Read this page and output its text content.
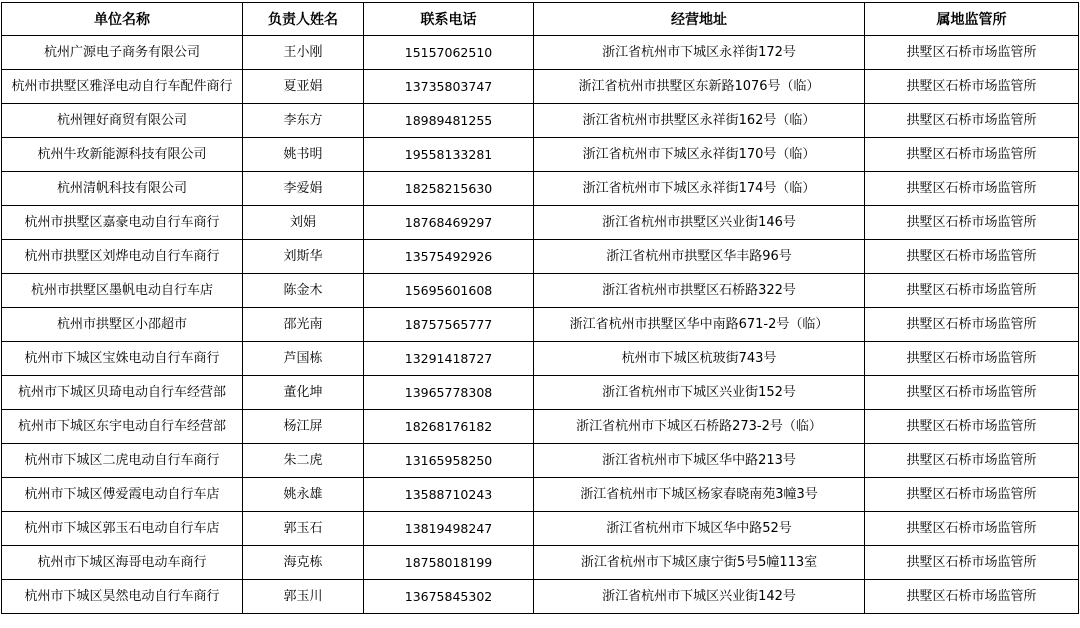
单位名称	负责人姓名	联系电话	经营地址	属地监管所
杭州广源电子商务有限公司	王小刚	15157062510	浙江省杭州市下城区永祥街172号	拱墅区石桥市场监管所
杭州市拱墅区雅泽电动自行车配件商行	夏亚娟	13735803747	浙江省杭州市拱墅区东新路1076号（临）	拱墅区石桥市场监管所
杭州锂好商贸有限公司	李东方	18989481255	浙江省杭州市拱墅区永祥街162号（临）	拱墅区石桥市场监管所
杭州牛玫新能源科技有限公司	姚书明	19558133281	浙江省杭州市下城区永祥街170号（临）	拱墅区石桥市场监管所
杭州清帆科技有限公司	李爱娟	18258215630	浙江省杭州市下城区永祥街174号（临）	拱墅区石桥市场监管所
杭州市拱墅区嘉豪电动自行车商行	刘娟	18768469297	浙江省杭州市拱墅区兴业街146号	拱墅区石桥市场监管所
杭州市拱墅区刘烨电动自行车商行	刘斯华	13575492926	浙江省杭州市拱墅区华丰路96号	拱墅区石桥市场监管所
杭州市拱墅区墨帆电动自行车店	陈金木	15695601608	浙江省杭州市拱墅区石桥路322号	拱墅区石桥市场监管所
杭州市拱墅区小邵超市	邵光南	18757565777	浙江省杭州市拱墅区华中南路671-2号（临）	拱墅区石桥市场监管所
杭州市下城区宝姝电动自行车商行	芦国栋	13291418727	杭州市下城区杭玻街743号	拱墅区石桥市场监管所
杭州市下城区贝琦电动自行车经营部	董化坤	13965778308	浙江省杭州市下城区兴业街152号	拱墅区石桥市场监管所
杭州市下城区东宇电动自行车经营部	杨江屏	18268176182	浙江省杭州市下城区石桥路273-2号（临）	拱墅区石桥市场监管所
杭州市下城区二虎电动自行车商行	朱二虎	13165958250	浙江省杭州市下城区华中路213号	拱墅区石桥市场监管所
杭州市下城区傅爱霞电动自行车店	姚永雄	13588710243	浙江省杭州市下城区杨家春晓南苑3幢3号	拱墅区石桥市场监管所
杭州市下城区郭玉石电动自行车店	郭玉石	13819498247	浙江省杭州市下城区华中路52号	拱墅区石桥市场监管所
杭州市下城区海哥电动车商行	海克栋	18758018199	浙江省杭州市下城区康宁街5号5幢113室	拱墅区石桥市场监管所
杭州市下城区昊然电动自行车商行	郭玉川	13675845302	浙江省杭州市下城区兴业街142号	拱墅区石桥市场监管所
